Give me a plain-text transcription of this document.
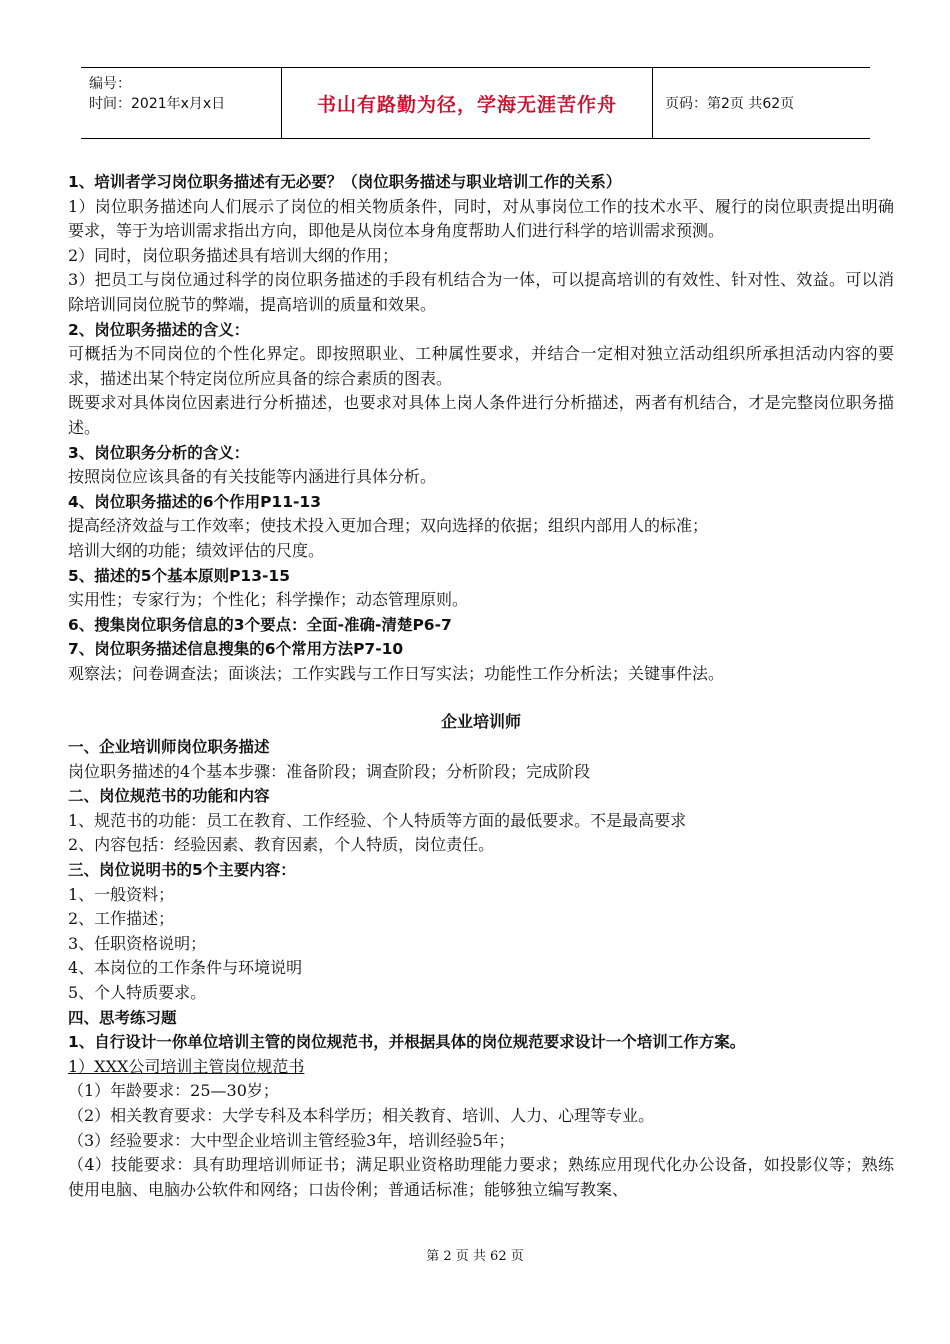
编号：
时间：2021年x月x日	书山有路勤为径，学海无涯苦作舟	页码：第2页 共62页

1、培训者学习岗位职务描述有无必要？（岗位职务描述与职业培训工作的关系）

1）岗位职务描述向人们展示了岗位的相关物质条件，同时，对从事岗位工作的技术水平、履行的岗位职责提出明确要求，等于为培训需求指出方向，即他是从岗位本身角度帮助人们进行科学的培训需求预测。

2）同时，岗位职务描述具有培训大纲的作用；

3）把员工与岗位通过科学的岗位职务描述的手段有机结合为一体，可以提高培训的有效性、针对性、效益。可以消除培训同岗位脱节的弊端，提高培训的质量和效果。

2、岗位职务描述的含义：

可概括为不同岗位的个性化界定。即按照职业、工种属性要求，并结合一定相对独立活动组织所承担活动内容的要求，描述出某个特定岗位所应具备的综合素质的图表。

既要求对具体岗位因素进行分析描述，也要求对具体上岗人条件进行分析描述，两者有机结合，才是完整岗位职务描述。

3、岗位职务分析的含义：

按照岗位应该具备的有关技能等内涵进行具体分析。

4、岗位职务描述的6个作用P11-13

提高经济效益与工作效率；使技术投入更加合理；双向选择的依据；组织内部用人的标准；

培训大纲的功能；绩效评估的尺度。

5、描述的5个基本原则P13-15

实用性；专家行为；个性化；科学操作；动态管理原则。

6、搜集岗位职务信息的3个要点：全面-准确-清楚P6-7

7、岗位职务描述信息搜集的6个常用方法P7-10

观察法；问卷调查法；面谈法；工作实践与工作日写实法；功能性工作分析法；关键事件法。

企业培训师

一、企业培训师岗位职务描述

岗位职务描述的4个基本步骤：准备阶段；调查阶段；分析阶段；完成阶段

二、岗位规范书的功能和内容

1、规范书的功能：员工在教育、工作经验、个人特质等方面的最低要求。不是最高要求

2、内容包括：经验因素、教育因素，个人特质，岗位责任。

三、岗位说明书的5个主要内容：

1、一般资料；

2、工作描述；

3、任职资格说明；

4、本岗位的工作条件与环境说明

5、个人特质要求。

四、思考练习题

1、自行设计一你单位培训主管的岗位规范书，并根据具体的岗位规范要求设计一个培训工作方案。

1）XXX公司培训主管岗位规范书

（1）年龄要求：25—30岁；

（2）相关教育要求：大学专科及本科学历；相关教育、培训、人力、心理等专业。

（3）经验要求：大中型企业培训主管经验3年，培训经验5年；

（4）技能要求：具有助理培训师证书；满足职业资格助理能力要求；熟练应用现代化办公设备，如投影仪等；熟练使用电脑、电脑办公软件和网络；口齿伶俐；普通话标准；能够独立编写教案、

第 2 页 共 62 页
